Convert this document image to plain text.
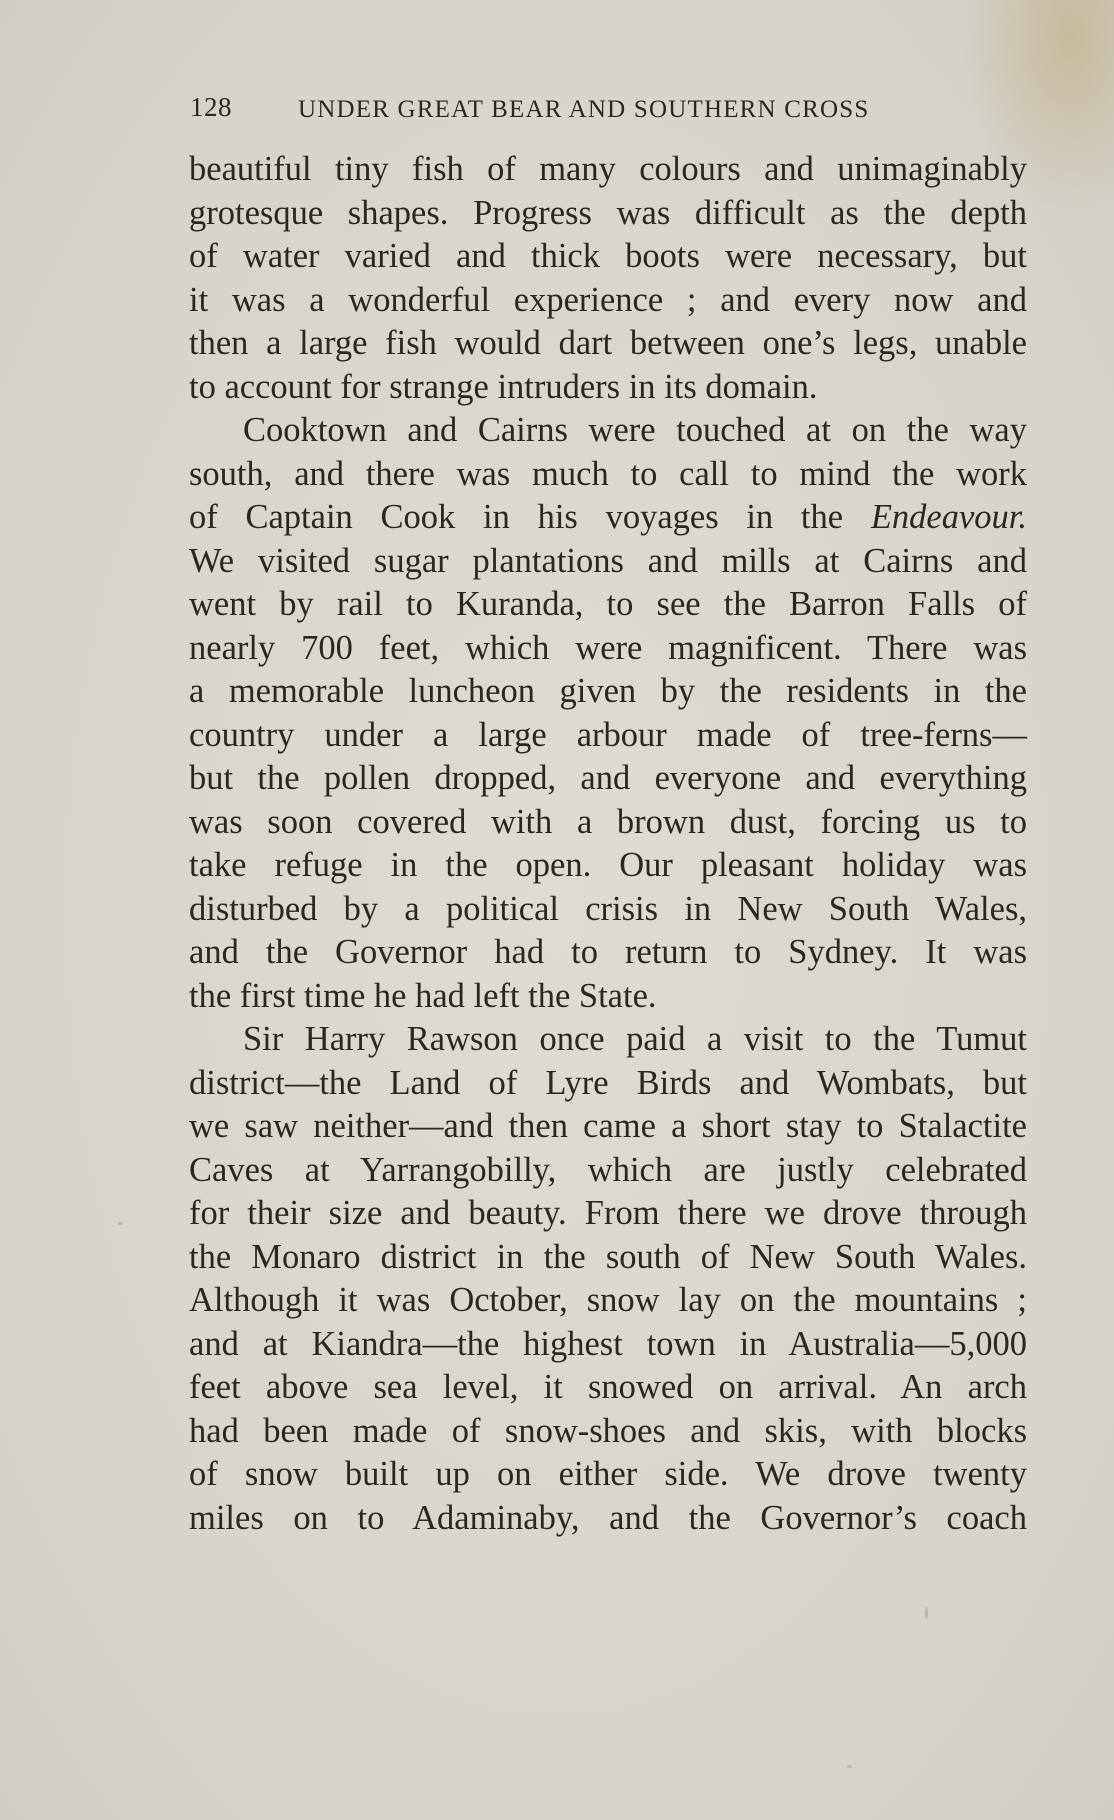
128	UNDER GREAT BEAR AND SOUTHERN CROSS
beautiful tiny fish of many colours and unimaginably
grotesque shapes. Progress was difficult as the depth
of water varied and thick boots were necessary, but
it was a wonderful experience ; and every now and
then a large fish would dart between one’s legs, unable
to account for strange intruders in its domain.
Cooktown and Cairns were touched at on the way
south, and there was much to call to mind the work
of Captain Cook in his voyages in the Endeavour.
We visited sugar plantations and mills at Cairns and
went by rail to Kuranda, to see the Barron Falls of
nearly 700 feet, which were magnificent. There was
a memorable luncheon given by the residents in the
country under a large arbour made of tree-ferns—
but the pollen dropped, and everyone and everything
was soon covered with a brown dust, forcing us to
take refuge in the open. Our pleasant holiday was
disturbed by a political crisis in New South Wales,
and the Governor had to return to Sydney. It was
the first time he had left the State.
Sir Harry Rawson once paid a visit to the Tumut
district—the Land of Lyre Birds and Wombats, but
we saw neither—and then came a short stay to Stalactite
Caves at Yarrangobilly, which are justly celebrated
for their size and beauty. From there we drove through
the Monaro district in the south of New South Wales.
Although it was October, snow lay on the mountains ;
and at Kiandra—the highest town in Australia—5,000
feet above sea level, it snowed on arrival. An arch
had been made of snow-shoes and skis, with blocks
of snow built up on either side. We drove twenty
miles on to Adaminaby, and the Governor’s coach
